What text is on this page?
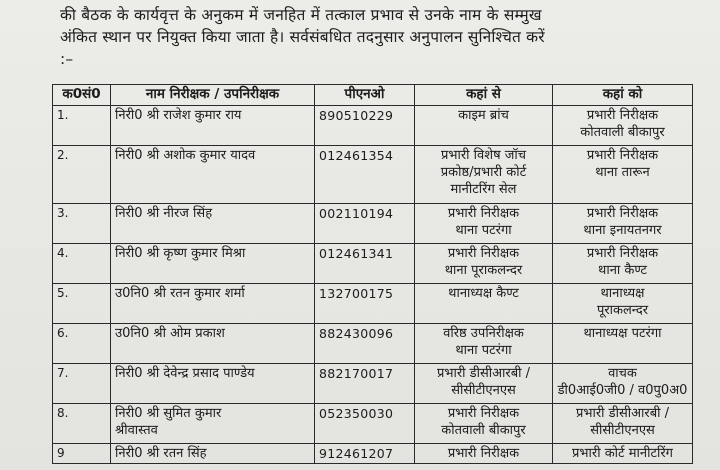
की बैठक के कार्यवृत्त के अनुकम में जनहित में तत्काल प्रभाव से उनके नाम के सम्मुख

अंकित स्थान पर नियुक्त किया जाता है। सर्वसंबधित तदनुसार अनुपालन सुनिश्चित करें

:–

क0सं0	नाम निरीक्षक / उपनिरीक्षक	पीएनओ	कहां से	कहां को
1.	निरी0 श्री राजेश कुमार राय	890510229	काइम ब्रांच	प्रभारी निरीक्षक
कोतवाली बीकापुर

2.	निरी0 श्री अशोक कुमार यादव	012461354	प्रभारी विशेष जॉच
प्रकोष्ठ/प्रभारी कोर्ट
मानीटरिंग सेल	प्रभारी निरीक्षक
थाना तारून

3.	निरी0 श्री नीरज सिंह	002110194	प्रभारी निरीक्षक
थाना पटरंगा	प्रभारी निरीक्षक
थाना इनायतनगर

4.	निरी0 श्री कृष्ण कुमार मिश्रा	012461341	प्रभारी निरीक्षक
थाना पूराकलन्दर	प्रभारी निरीक्षक
थाना कैण्ट

5.	उ0नि0 श्री रतन कुमार शर्मा	132700175	थानाध्यक्ष कैण्ट	थानाध्यक्ष
पूराकलन्दर

6.	उ0नि0 श्री ओम प्रकाश	882430096	वरिष्ठ उपनिरीक्षक
थाना पटरंगा	थानाध्यक्ष पटरंगा

7.	निरी0 श्री देवेन्द्र प्रसाद पाण्डेय	882170017	प्रभारी डीसीआरबी /
सीसीटीएनएस	वाचक
डी0आई0जी0 / व0पु0अ0

8.	निरी0 श्री सुमित कुमार
श्रीवास्तव	052350030	प्रभारी निरीक्षक
कोतवाली बीकापुर	प्रभारी डीसीआरबी /
सीसीटीएनएस

9	निरी0 श्री रतन सिंह	912461207	प्रभारी निरीक्षक	प्रभारी कोर्ट मानीटरिंग
